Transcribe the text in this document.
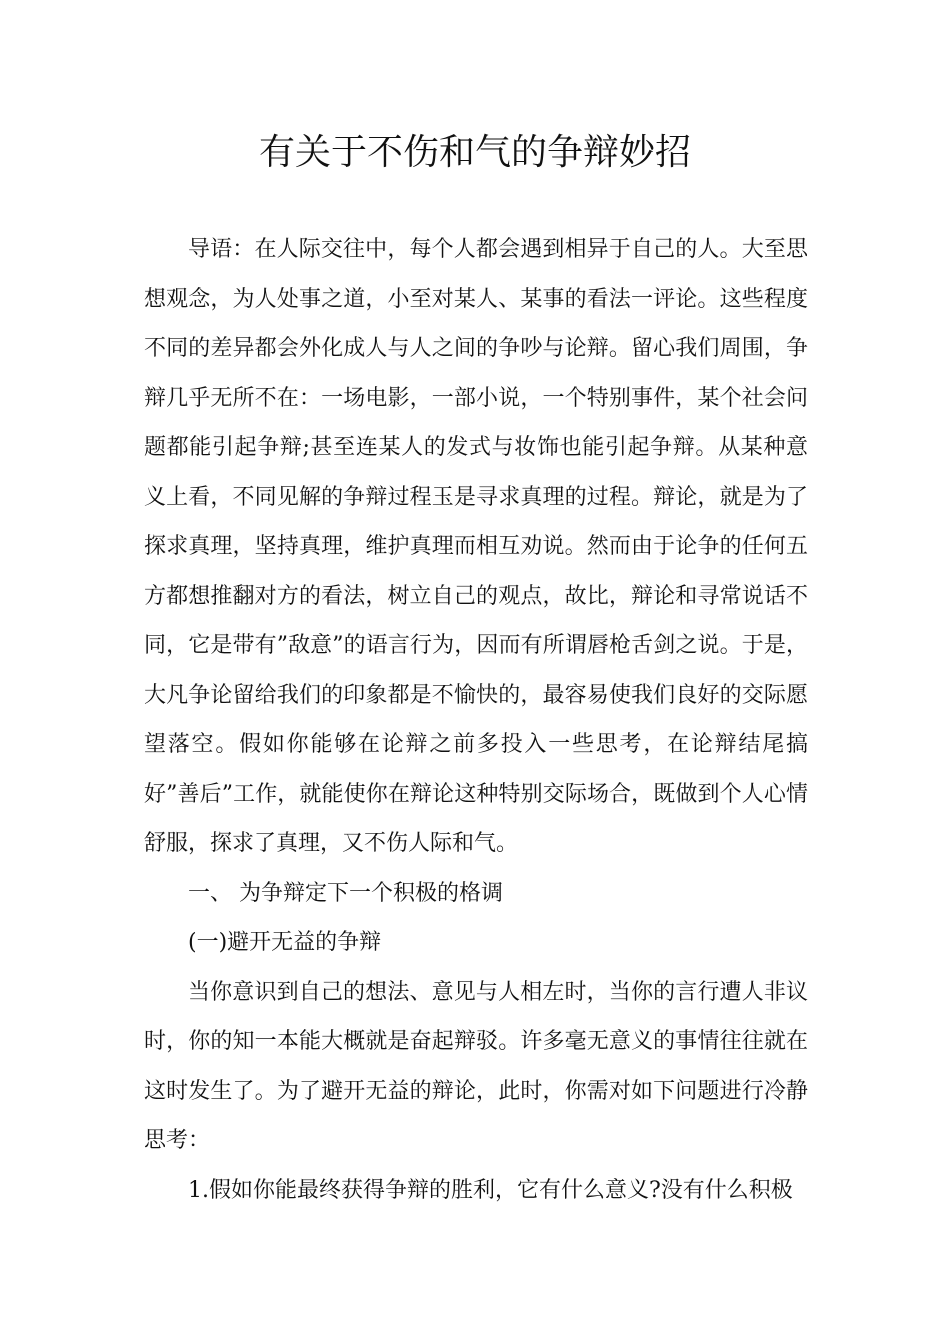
有关于不伤和气的争辩妙招

导语：在人际交往中，每个人都会遇到相异于自己的人。大至思想观念，为人处事之道，小至对某人、某事的看法一评论。这些程度不同的差异都会外化成人与人之间的争吵与论辩。留心我们周围，争辩几乎无所不在：一场电影，一部小说，一个特别事件，某个社会问题都能引起争辩;甚至连某人的发式与妆饰也能引起争辩。从某种意义上看，不同见解的争辩过程玉是寻求真理的过程。辩论，就是为了探求真理，坚持真理，维护真理而相互劝说。然而由于论争的任何五方都想推翻对方的看法，树立自己的观点，故比，辩论和寻常说话不同，它是带有”敌意”的语言行为，因而有所谓唇枪舌剑之说。于是，大凡争论留给我们的印象都是不愉快的，最容易使我们良好的交际愿望落空。假如你能够在论辩之前多投入一些思考，在论辩结尾搞好”善后”工作，就能使你在辩论这种特别交际场合，既做到个人心情舒服，探求了真理，又不伤人际和气。

一、 为争辩定下一个积极的格调

(一)避开无益的争辩

当你意识到自己的想法、意见与人相左时，当你的言行遭人非议时，你的知一本能大概就是奋起辩驳。许多毫无意义的事情往往就在这时发生了。为了避开无益的辩论，此时，你需对如下问题进行冷静思考：

1.假如你能最终获得争辩的胜利，它有什么意义?没有什么积极
